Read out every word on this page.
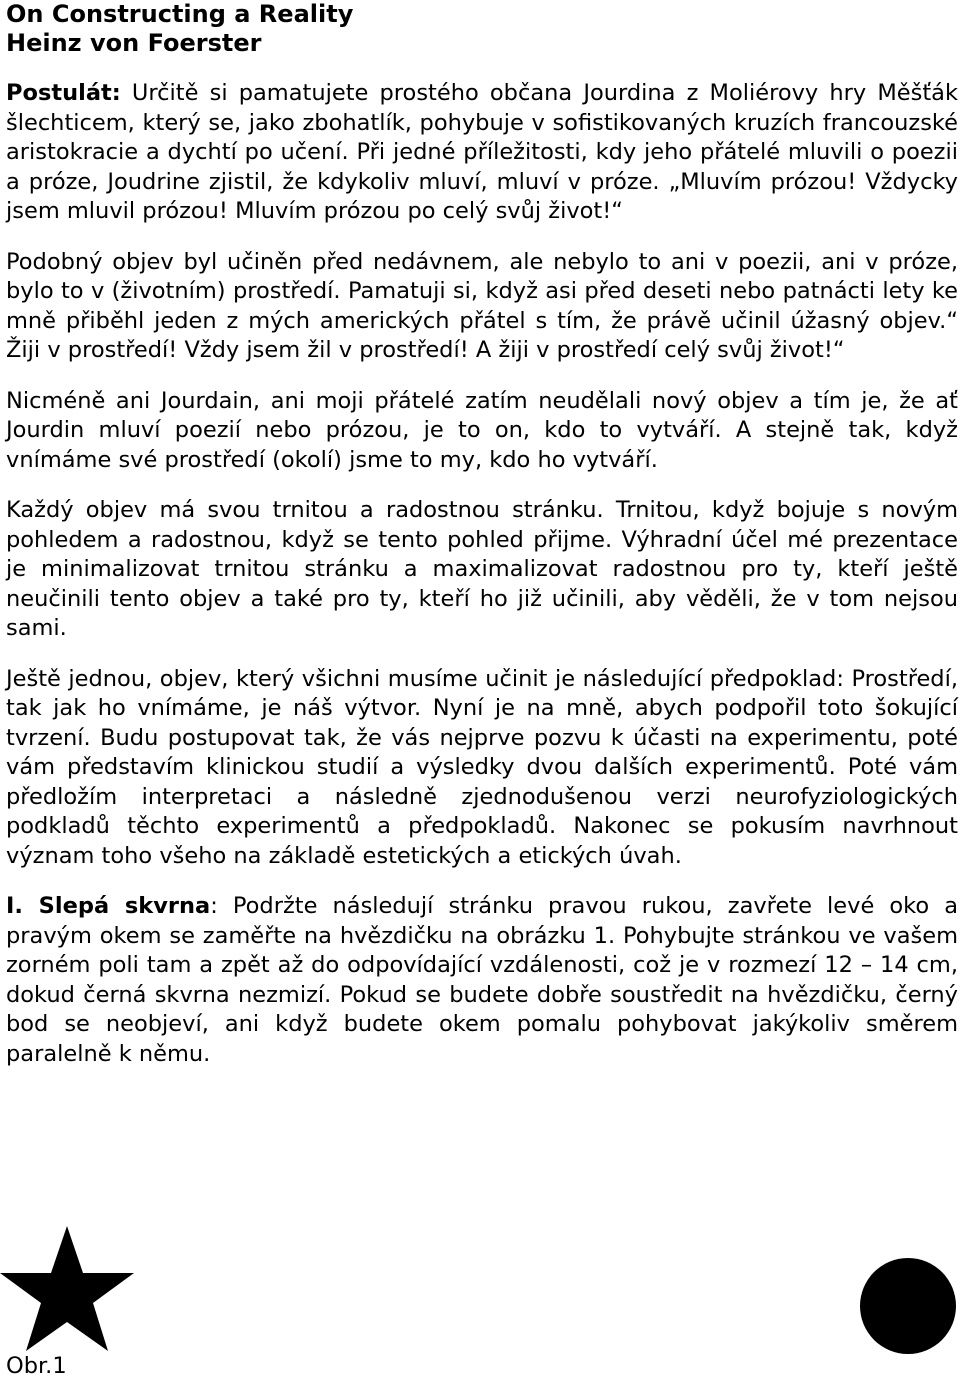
On Constructing a Reality
Heinz von Foerster

Postulát: Určitě si pamatujete prostého občana Jourdina z Moliérovy hry Měšťák šlechticem, který se, jako zbohatlík, pohybuje v sofistikovaných kruzích francouzské aristokracie a dychtí po učení. Při jedné příležitosti, kdy jeho přátelé mluvili o poezii a próze, Joudrine zjistil, že kdykoliv mluví, mluví v próze. „Mluvím prózou! Vždycky jsem mluvil prózou! Mluvím prózou po celý svůj život!“

Podobný objev byl učiněn před nedávnem, ale nebylo to ani v poezii, ani v próze, bylo to v (životním) prostředí. Pamatuji si, když asi před deseti nebo patnácti lety ke mně přiběhl jeden z mých amerických přátel s tím, že právě učinil úžasný objev.“ Žiji v prostředí! Vždy jsem žil v prostředí! A žiji v prostředí celý svůj život!“

Nicméně ani Jourdain, ani moji přátelé zatím neudělali nový objev a tím je, že ať Jourdin mluví poezií nebo prózou, je to on, kdo to vytváří. A stejně tak, když vnímáme své prostředí (okolí) jsme to my, kdo ho vytváří.

Každý objev má svou trnitou a radostnou stránku. Trnitou, když bojuje s novým pohledem a radostnou, když se tento pohled přijme. Výhradní účel mé prezentace je minimalizovat trnitou stránku a maximalizovat radostnou pro ty, kteří ještě neučinili tento objev a také pro ty, kteří ho již učinili, aby věděli, že v tom nejsou sami.

Ještě jednou, objev, který všichni musíme učinit je následující předpoklad: Prostředí, tak jak ho vnímáme, je náš výtvor. Nyní je na mně, abych podpořil toto šokující tvrzení. Budu postupovat tak, že vás nejprve pozvu k účasti na experimentu, poté vám představím klinickou studií a výsledky dvou dalších experimentů. Poté vám předložím interpretaci a následně zjednodušenou verzi neurofyziologických podkladů těchto experimentů a předpokladů. Nakonec se pokusím navrhnout význam toho všeho na základě estetických a etických úvah.

I. Slepá skvrna: Podržte následují stránku pravou rukou, zavřete levé oko a pravým okem se zaměřte na hvězdičku na obrázku 1. Pohybujte stránkou ve vašem zorném poli tam a zpět až do odpovídající vzdálenosti, což je v rozmezí 12 – 14 cm, dokud černá skvrna nezmizí. Pokud se budete dobře soustředit na hvězdičku, černý bod se neobjeví, ani když budete okem pomalu pohybovat jakýkoliv směrem paralelně k němu.

Obr.1
